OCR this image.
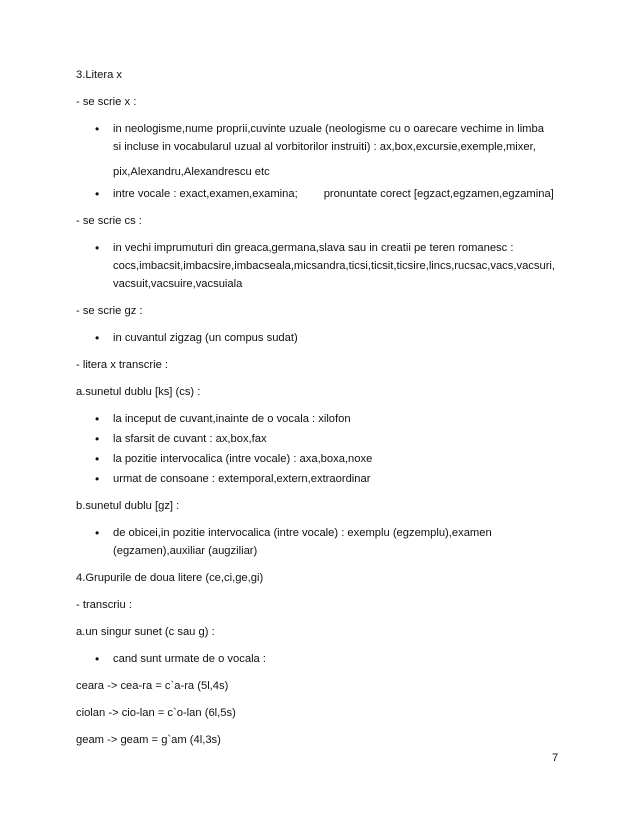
3.Litera x
- se scrie x :
• in neologisme,nume proprii,cuvinte uzuale (neologisme cu o oarecare vechime in limba
si incluse in vocabularul uzual al vorbitorilor instruiti) : ax,box,excursie,exemple,mixer,
pix,Alexandru,Alexandrescu etc
• intre vocale : exact,examen,examina; pronuntate corect [egzact,egzamen,egzamina]
- se scrie cs :
• in vechi imprumuturi din greaca,germana,slava sau in creatii pe teren romanesc :
cocs,imbacsit,imbacsire,imbacseala,micsandra,ticsi,ticsit,ticsire,lincs,rucsac,vacs,vacsuri,
vacsuit,vacsuire,vacsuiala
- se scrie gz :
• in cuvantul zigzag (un compus sudat)
- litera x transcrie :
a.sunetul dublu [ks] (cs) :
• la inceput de cuvant,inainte de o vocala : xilofon
• la sfarsit de cuvant : ax,box,fax
• la pozitie intervocalica (intre vocale) : axa,boxa,noxe
• urmat de consoane : extemporal,extern,extraordinar
b.sunetul dublu [gz] :
• de obicei,in pozitie intervocalica (intre vocale) : exemplu (egzemplu),examen
(egzamen),auxiliar (augziliar)
4.Grupurile de doua litere (ce,ci,ge,gi)
- transcriu :
a.un singur sunet (c sau g) :
• cand sunt urmate de o vocala :
ceara -> cea-ra = c`a-ra (5l,4s)
ciolan -> cio-lan = c`o-lan (6l,5s)
geam -> geam = g`am (4l,3s)
7
